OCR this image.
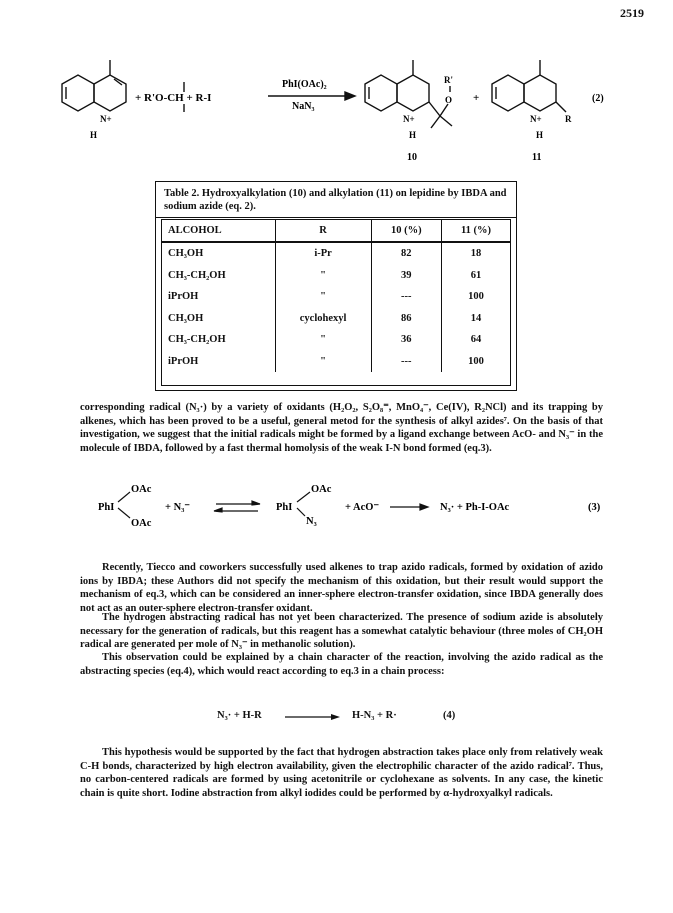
2519
N+
H
+ R'O-CH + R-I
PhI(OAc)₂
NaN₃
N+
H
R'
O +
N+
H
R
(2)
10	11
Table 2. Hydroxyalkylation (10) and alkylation (11) on lepidine by IBDA and sodium azide (eq. 2).
ALCOHOL	R	10 (%)	11 (%)
CH₃OH	i-Pr	82	18
CH₃-CH₂OH	"	39	61
iPrOH	"	---	100
CH₃OH	cyclohexyl	86	14
CH₃-CH₂OH	"	36	64
iPrOH	"	---	100
corresponding radical (N₃·) by a variety of oxidants (H₂O₂, S₂O₈⁼, MnO₄⁻, Ce(IV), R₂NCl) and its trapping by alkenes, which has been proved to be a useful, general metod for the synthesis of alkyl azides⁷. On the basis of that investigation, we suggest that the initial radicals might be formed by a ligand exchange between AcO- and N₃⁻ in the molecule of IBDA, followed by a fast thermal homolysis of the weak I-N bond formed (eq.3).
OAc
PhI
OAc
+ N₃⁻	PhI
OAc
N₃
+ AcO⁻	N₃· + Ph-I-OAc	(3)
Recently, Tiecco and coworkers successfully used alkenes to trap azido radicals, formed by oxidation of azido ions by IBDA; these Authors did not specify the mechanism of this oxidation, but their result would support the mechanism of eq.3, which can be considered an inner-sphere electron-transfer oxidation, since IBDA generally does not act as an outer-sphere electron-transfer oxidant.
The hydrogen abstracting radical has not yet been characterized. The presence of sodium azide is absolutely necessary for the generation of radicals, but this reagent has a somewhat catalytic behaviour (three moles of CH₂OH radical are generated per mole of N₃⁻ in methanolic solution).
This observation could be explained by a chain character of the reaction, involving the azido radical as the abstracting species (eq.4), which would react according to eq.3 in a chain process:
N₃· + H-R	H-N₃ + R·	(4)
This hypothesis would be supported by the fact that hydrogen abstraction takes place only from relatively weak C-H bonds, characterized by high electron availability, given the electrophilic character of the azido radical⁷. Thus, no carbon-centered radicals are formed by using acetonitrile or cyclohexane as solvents. In any case, the kinetic chain is quite short. Iodine abstraction from alkyl iodides could be performed by α-hydroxyalkyl radicals.
